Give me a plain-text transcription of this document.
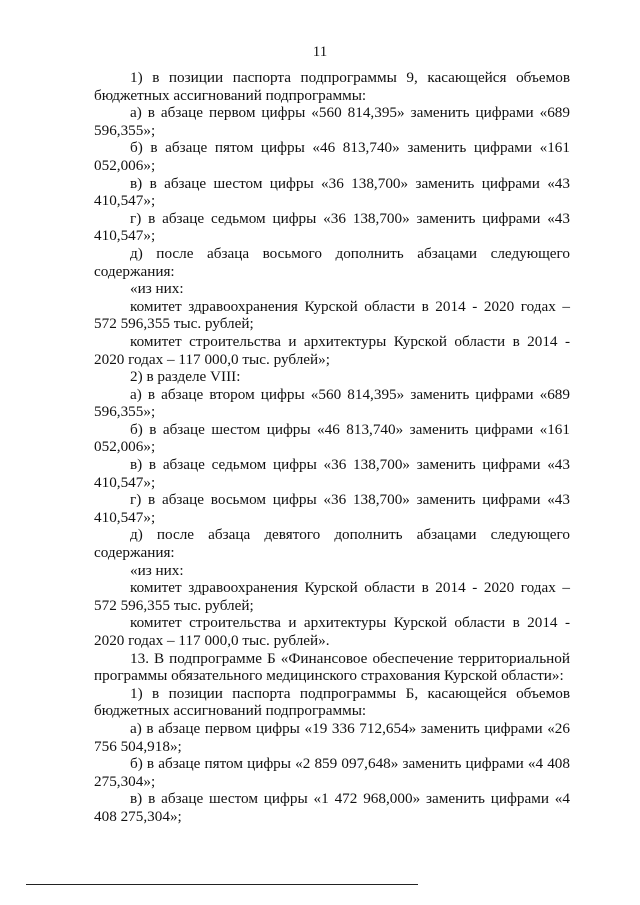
11

1) в позиции паспорта подпрограммы 9, касающейся объемов бюджетных ассигнований подпрограммы:

а) в абзаце первом цифры «560 814,395» заменить цифрами «689 596,355»;

б) в абзаце пятом цифры «46 813,740» заменить цифрами «161 052,006»;

в) в абзаце шестом цифры «36 138,700» заменить цифрами «43 410,547»;

г) в абзаце седьмом цифры «36 138,700» заменить цифрами «43 410,547»;

д) после абзаца восьмого дополнить абзацами следующего содержания:

«из них:

комитет здравоохранения Курской области в 2014 - 2020 годах – 572 596,355 тыс. рублей;

комитет строительства и архитектуры Курской области в 2014 - 2020 годах – 117 000,0 тыс. рублей»;

2) в разделе VIII:

а) в абзаце втором цифры «560 814,395» заменить цифрами «689 596,355»;

б) в абзаце шестом цифры «46 813,740» заменить цифрами «161 052,006»;

в) в абзаце седьмом цифры «36 138,700» заменить цифрами «43 410,547»;

г) в абзаце восьмом цифры «36 138,700» заменить цифрами «43 410,547»;

д) после абзаца девятого дополнить абзацами следующего содержания:

«из них:

комитет здравоохранения Курской области в 2014 - 2020 годах – 572 596,355 тыс. рублей;

комитет строительства и архитектуры Курской области в 2014 - 2020 годах – 117 000,0 тыс. рублей».

13. В подпрограмме Б «Финансовое обеспечение территориальной программы обязательного медицинского страхования Курской области»:

1) в позиции паспорта подпрограммы Б, касающейся объемов бюджетных ассигнований подпрограммы:

а) в абзаце первом цифры «19 336 712,654» заменить цифрами «26 756 504,918»;

б) в абзаце пятом цифры «2 859 097,648» заменить цифрами «4 408 275,304»;

в) в абзаце шестом цифры «1 472 968,000» заменить цифрами «4 408 275,304»;
